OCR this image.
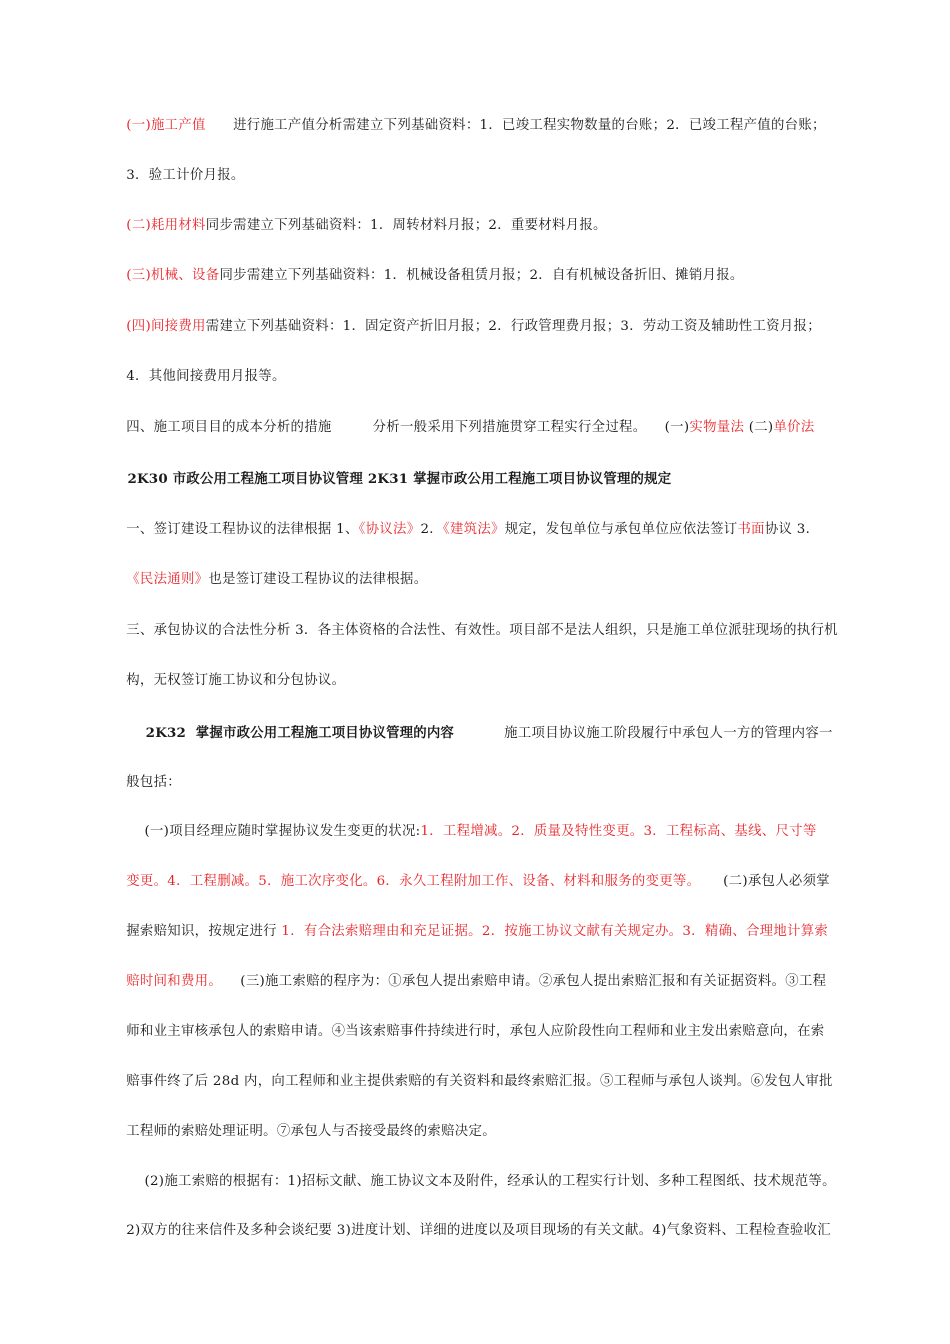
(一)施工产值      进行施工产值分析需建立下列基础资料：1．已竣工程实物数量的台账；2．已竣工程产值的台账；

3．验工计价月报。

(二)耗用材料同步需建立下列基础资料：1．周转材料月报；2．重要材料月报。

(三)机械、设备同步需建立下列基础资料：1．机械设备租赁月报；2．自有机械设备折旧、摊销月报。

(四)间接费用需建立下列基础资料：1．固定资产折旧月报；2．行政管理费月报；3．劳动工资及辅助性工资月报；

4．其他间接费用月报等。

四、施工项目目的成本分析的措施         分析一般采用下列措施贯穿工程实行全过程。    (一)实物量法 (二)单价法

2K30 市政公用工程施工项目协议管理 2K31 掌握市政公用工程施工项目协议管理的规定

一、签订建设工程协议的法律根据 1、《协议法》2．《建筑法》规定，发包单位与承包单位应依法签订书面协议 3．

《民法通则》也是签订建设工程协议的法律根据。

三、承包协议的合法性分析 3．各主体资格的合法性、有效性。项目部不是法人组织，只是施工单位派驻现场的执行机

构，无权签订施工协议和分包协议。

2K32  掌握市政公用工程施工项目协议管理的内容           施工项目协议施工阶段履行中承包人一方的管理内容一

般包括：

(一)项目经理应随时掌握协议发生变更的状况:1．工程增减。2．质量及特性变更。3．工程标高、基线、尺寸等

变更。4．工程删减。5．施工次序变化。6．永久工程附加工作、设备、材料和服务的变更等。     (二)承包人必须掌

握索赔知识，按规定进行 1．有合法索赔理由和充足证据。2．按施工协议文献有关规定办。3．精确、合理地计算索

赔时间和费用。    (三)施工索赔的程序为：①承包人提出索赔申请。②承包人提出索赔汇报和有关证据资料。③工程

师和业主审核承包人的索赔申请。④当该索赔事件持续进行时，承包人应阶段性向工程师和业主发出索赔意向，在索

赔事件终了后 28d 内，向工程师和业主提供索赔的有关资料和最终索赔汇报。⑤工程师与承包人谈判。⑥发包人审批

工程师的索赔处理证明。⑦承包人与否接受最终的索赔决定。

(2)施工索赔的根据有：1)招标文献、施工协议文本及附件，经承认的工程实行计划、多种工程图纸、技术规范等。

2)双方的往来信件及多种会谈纪要 3)进度计划、详细的进度以及项目现场的有关文献。4)气象资料、工程检查验收汇
